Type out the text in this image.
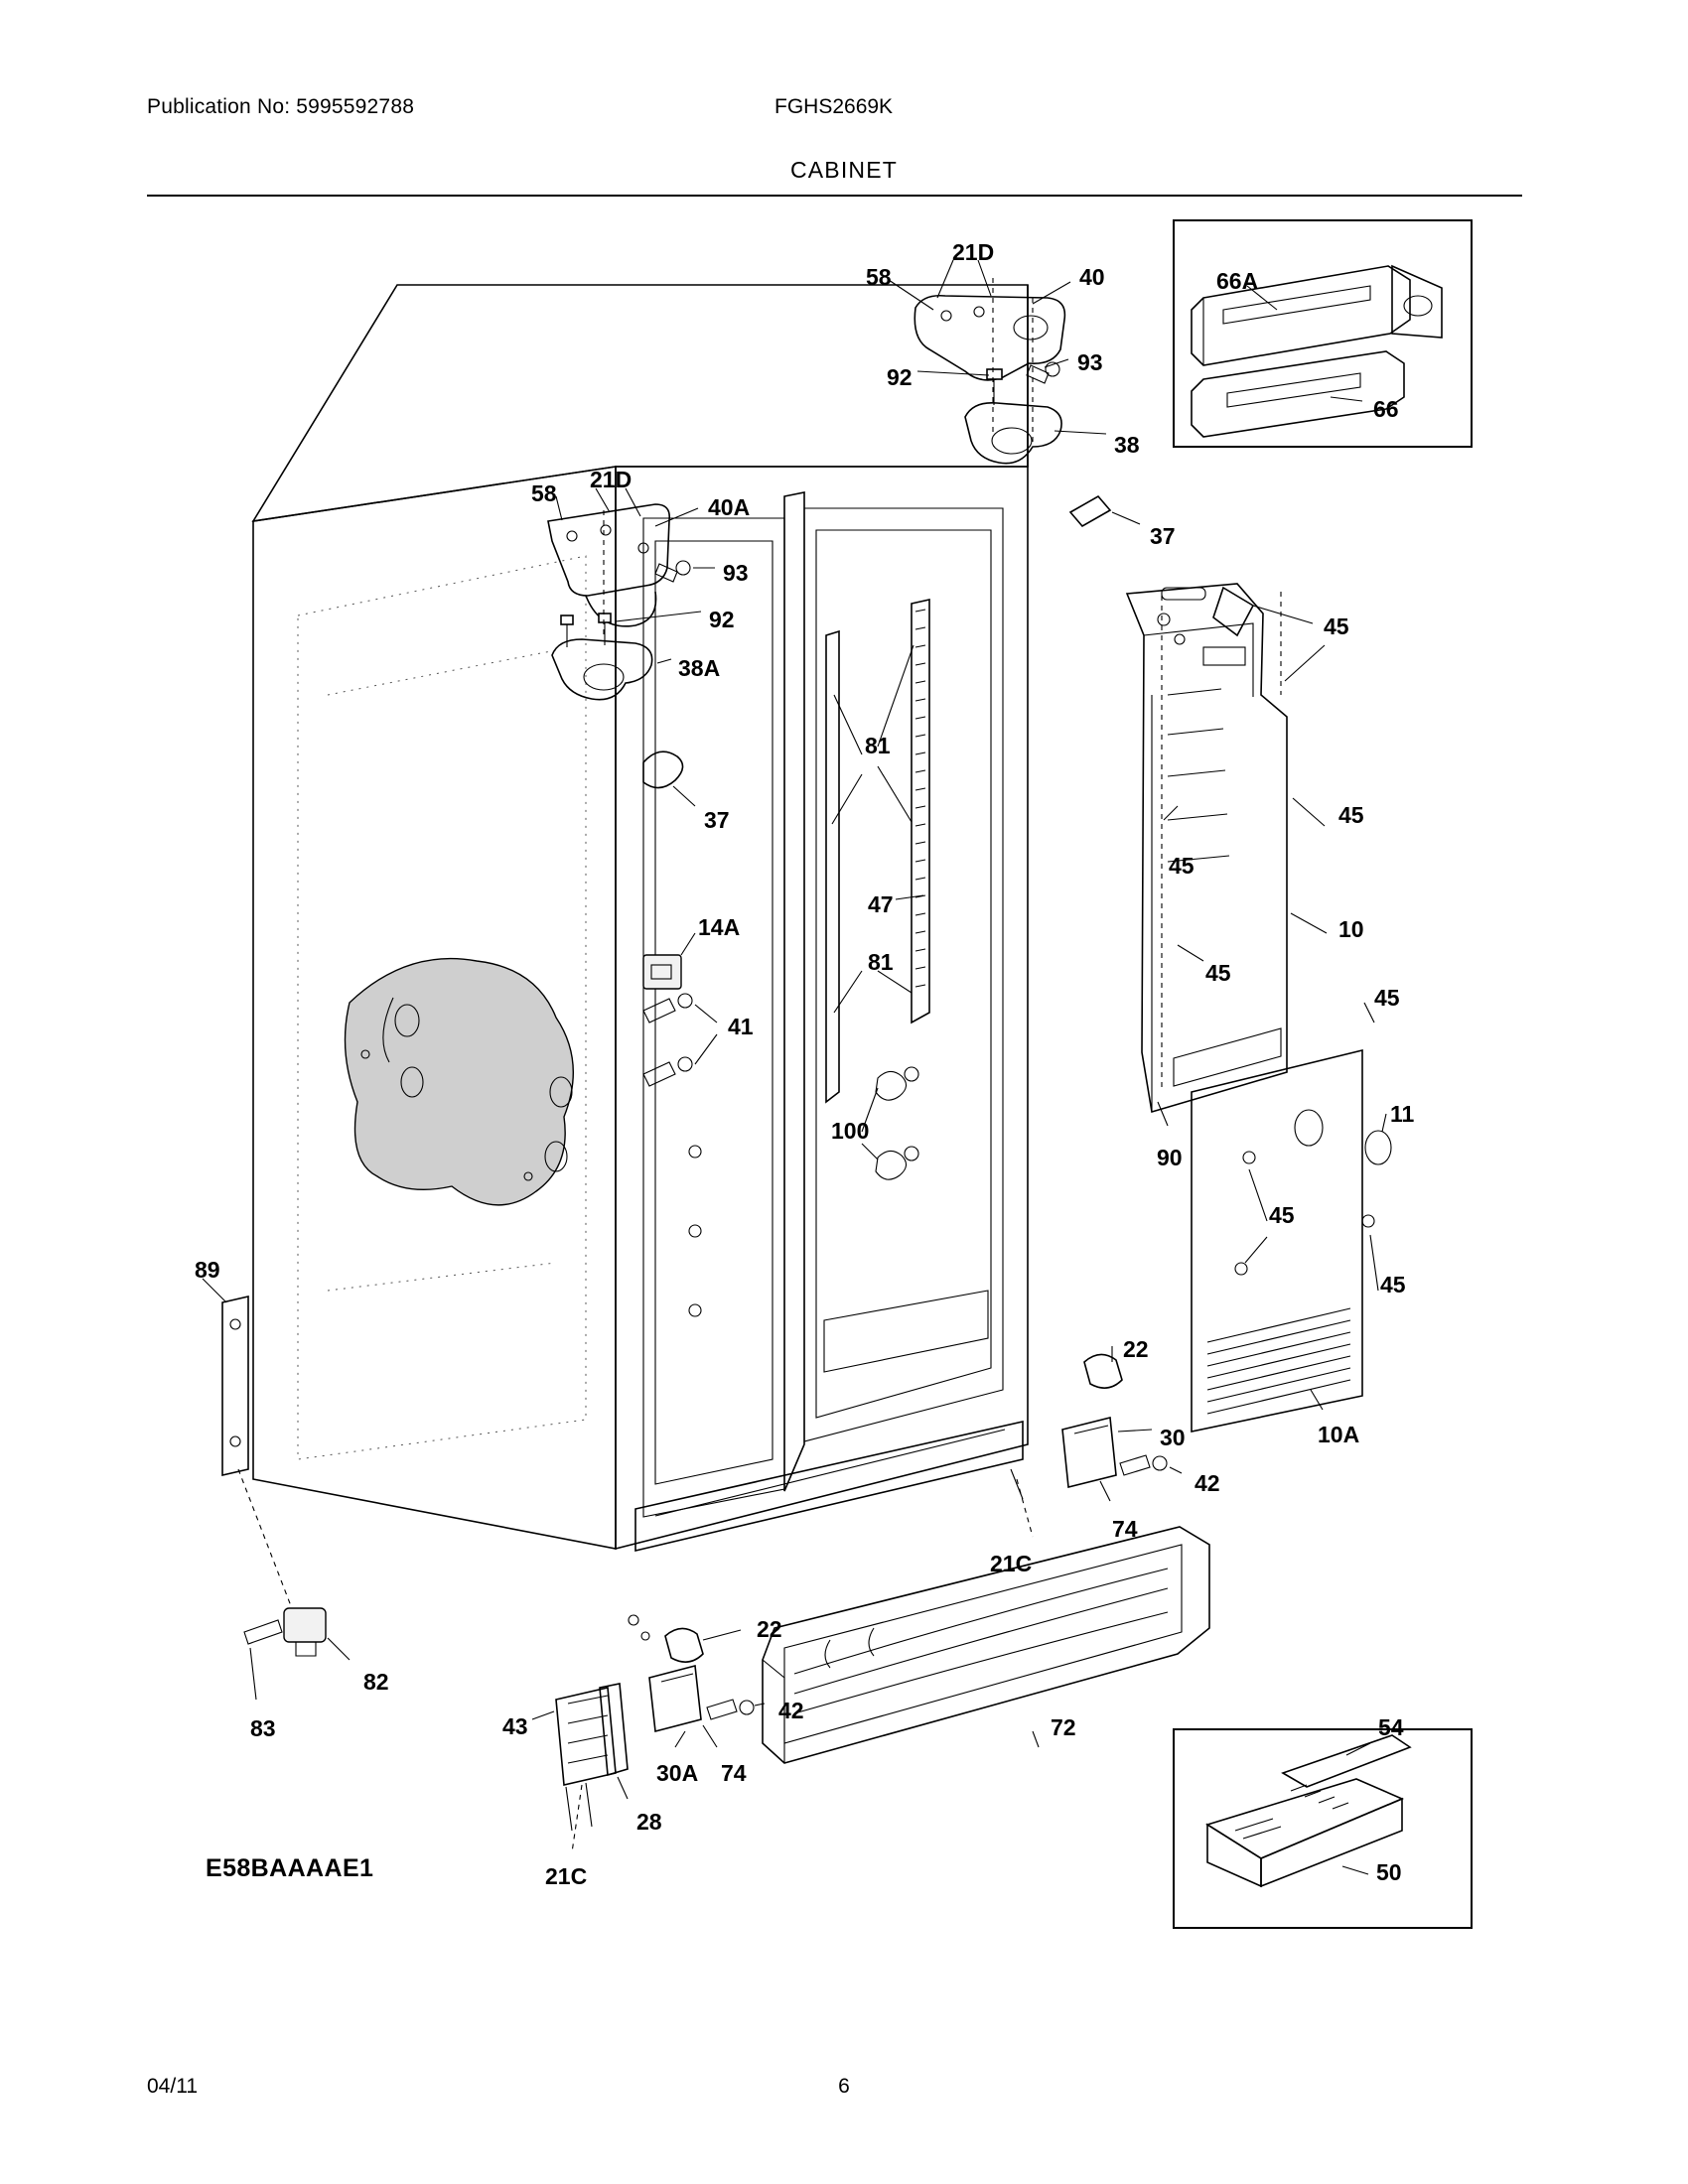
Publication No: 5995592788	FGHS2669K
CABINET
58
21D
40
92
93
38
66A
66
58
21D
40A
93
92
38A
37
45
45
45
37
81
47
81
14A
41
100
10
45
45
11
90
45
45
89
22
30	10A
42
74
21C
22
42
72
82
83	43
30A 74
28
21C
54
50
E58BAAAAE1
04/11	6
